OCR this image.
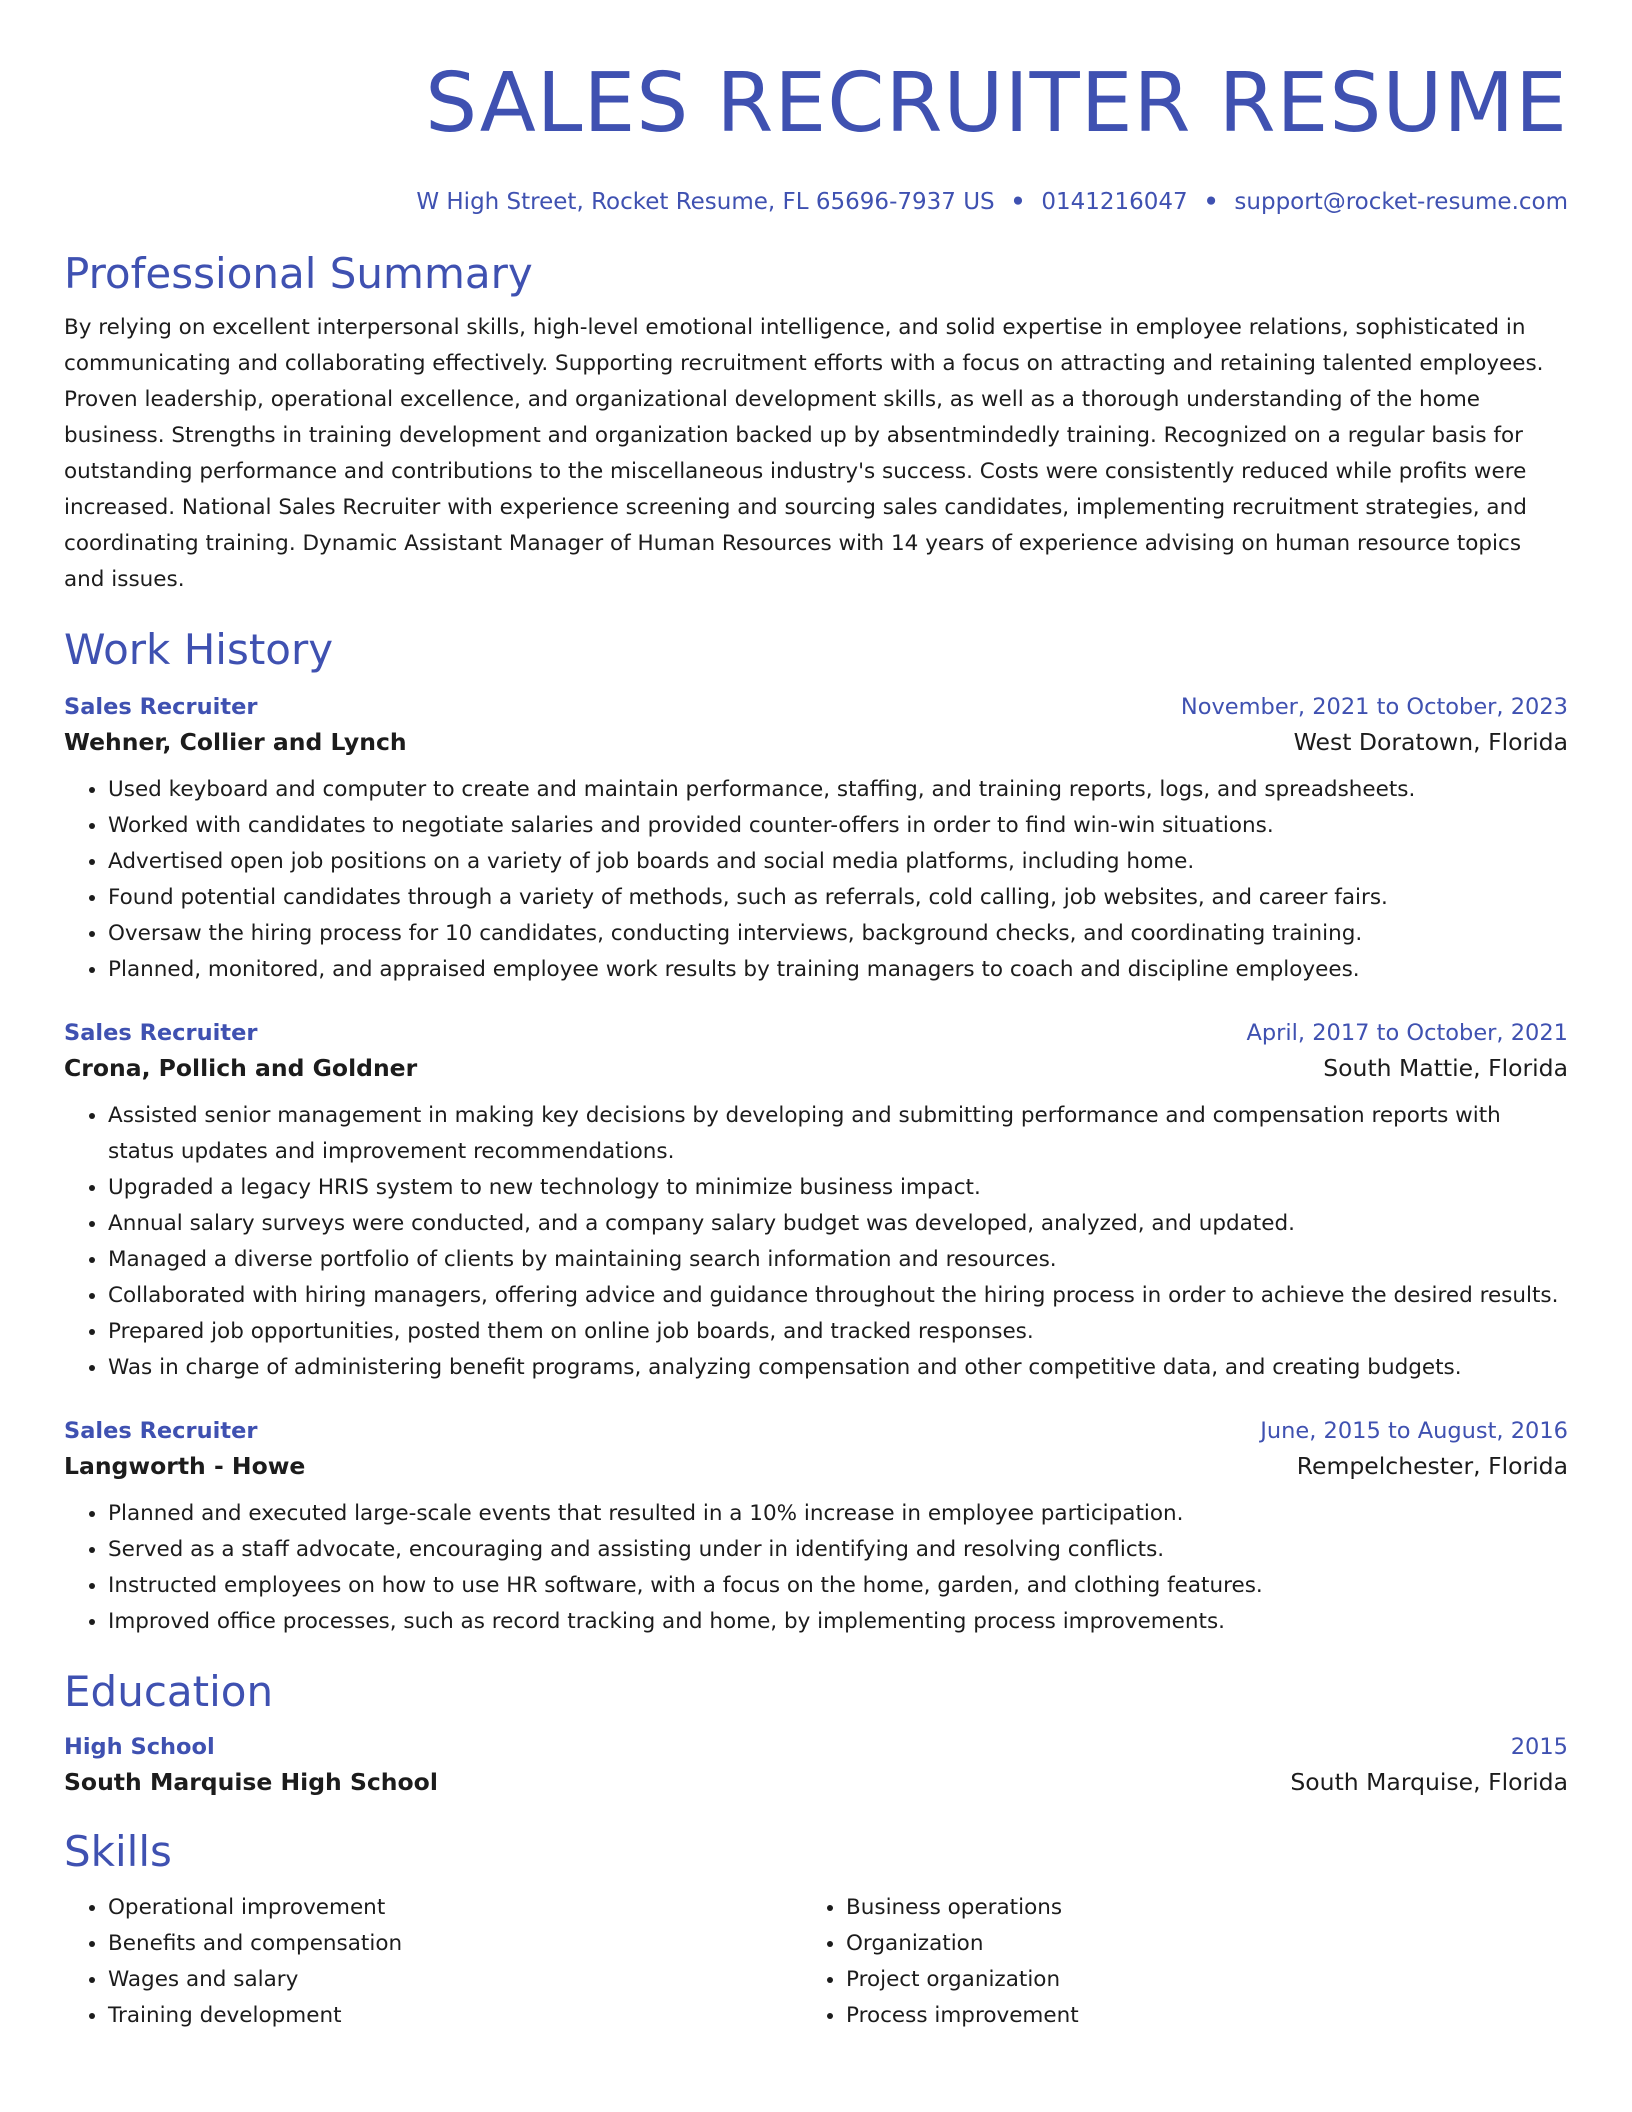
SALES RECRUITER RESUME
W High Street, Rocket Resume, FL 65696-7937 US • 0141216047 • support@rocket-resume.com
Professional Summary
By relying on excellent interpersonal skills, high-level emotional intelligence, and solid expertise in employee relations, sophisticated in communicating and collaborating effectively. Supporting recruitment efforts with a focus on attracting and retaining talented employees. Proven leadership, operational excellence, and organizational development skills, as well as a thorough understanding of the home business. Strengths in training development and organization backed up by absentmindedly training. Recognized on a regular basis for outstanding performance and contributions to the miscellaneous industry's success. Costs were consistently reduced while profits were increased. National Sales Recruiter with experience screening and sourcing sales candidates, implementing recruitment strategies, and coordinating training. Dynamic Assistant Manager of Human Resources with 14 years of experience advising on human resource topics and issues.
Work History
Sales Recruiter	November, 2021 to October, 2023
Wehner, Collier and Lynch	West Doratown, Florida
• Used keyboard and computer to create and maintain performance, staffing, and training reports, logs, and spreadsheets.
• Worked with candidates to negotiate salaries and provided counter-offers in order to find win-win situations.
• Advertised open job positions on a variety of job boards and social media platforms, including home.
• Found potential candidates through a variety of methods, such as referrals, cold calling, job websites, and career fairs.
• Oversaw the hiring process for 10 candidates, conducting interviews, background checks, and coordinating training.
• Planned, monitored, and appraised employee work results by training managers to coach and discipline employees.
Sales Recruiter	April, 2017 to October, 2021
Crona, Pollich and Goldner	South Mattie, Florida
• Assisted senior management in making key decisions by developing and submitting performance and compensation reports with status updates and improvement recommendations.
• Upgraded a legacy HRIS system to new technology to minimize business impact.
• Annual salary surveys were conducted, and a company salary budget was developed, analyzed, and updated.
• Managed a diverse portfolio of clients by maintaining search information and resources.
• Collaborated with hiring managers, offering advice and guidance throughout the hiring process in order to achieve the desired results.
• Prepared job opportunities, posted them on online job boards, and tracked responses.
• Was in charge of administering benefit programs, analyzing compensation and other competitive data, and creating budgets.
Sales Recruiter	June, 2015 to August, 2016
Langworth - Howe	Rempelchester, Florida
• Planned and executed large-scale events that resulted in a 10% increase in employee participation.
• Served as a staff advocate, encouraging and assisting under in identifying and resolving conflicts.
• Instructed employees on how to use HR software, with a focus on the home, garden, and clothing features.
• Improved office processes, such as record tracking and home, by implementing process improvements.
Education
High School	2015
South Marquise High School	South Marquise, Florida
Skills
• Operational improvement
• Benefits and compensation
• Wages and salary
• Training development
• Business operations
• Organization
• Project organization
• Process improvement
